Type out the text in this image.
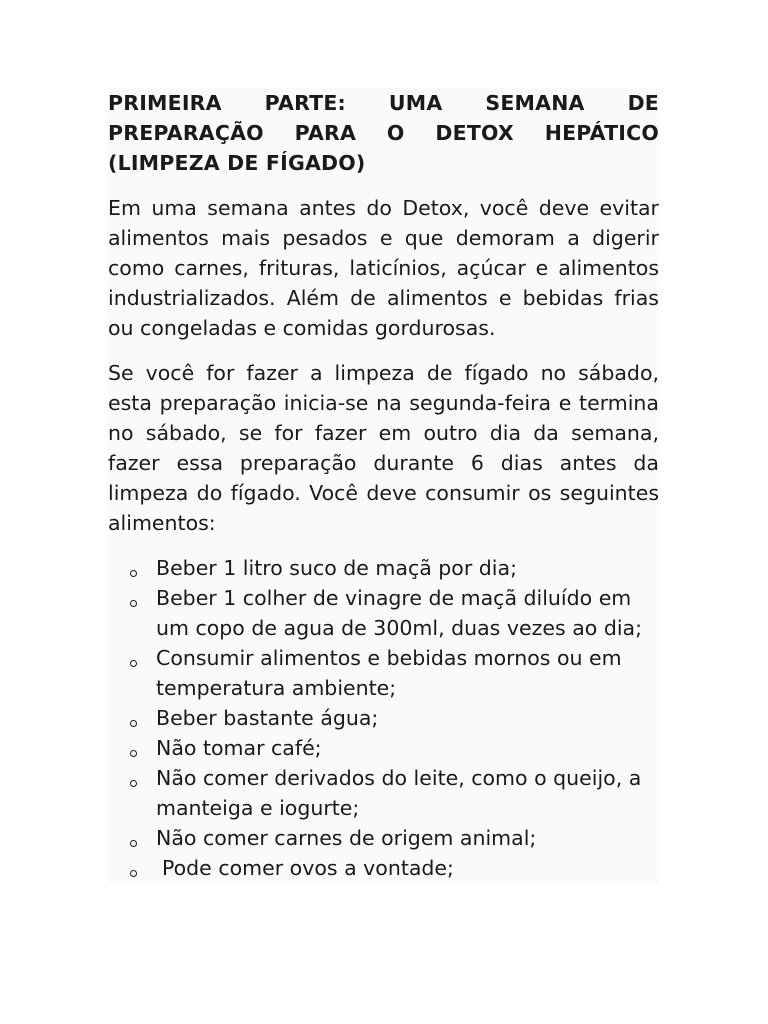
PRIMEIRA PARTE: UMA SEMANA DE PREPARAÇÃO PARA O DETOX HEPÁTICO (LIMPEZA DE FÍGADO)

Em uma semana antes do Detox, você deve evitar alimentos mais pesados e que demoram a digerir como carnes, frituras, laticínios, açúcar e alimentos industrializados. Além de alimentos e bebidas frias ou congeladas e comidas gordurosas.

Se você for fazer a limpeza de fígado no sábado, esta preparação inicia-se na segunda-feira e termina no sábado, se for fazer em outro dia da semana, fazer essa preparação durante 6 dias antes da limpeza do fígado. Você deve consumir os seguintes alimentos:

Beber 1 litro suco de maçã por dia;
Beber 1 colher de vinagre de maçã diluído em um copo de agua de 300ml, duas vezes ao dia;
Consumir alimentos e bebidas mornos ou em temperatura ambiente;
Beber bastante água;
Não tomar café;
Não comer derivados do leite, como o queijo, a manteiga e iogurte;
Não comer carnes de origem animal;
Pode comer ovos a vontade;
